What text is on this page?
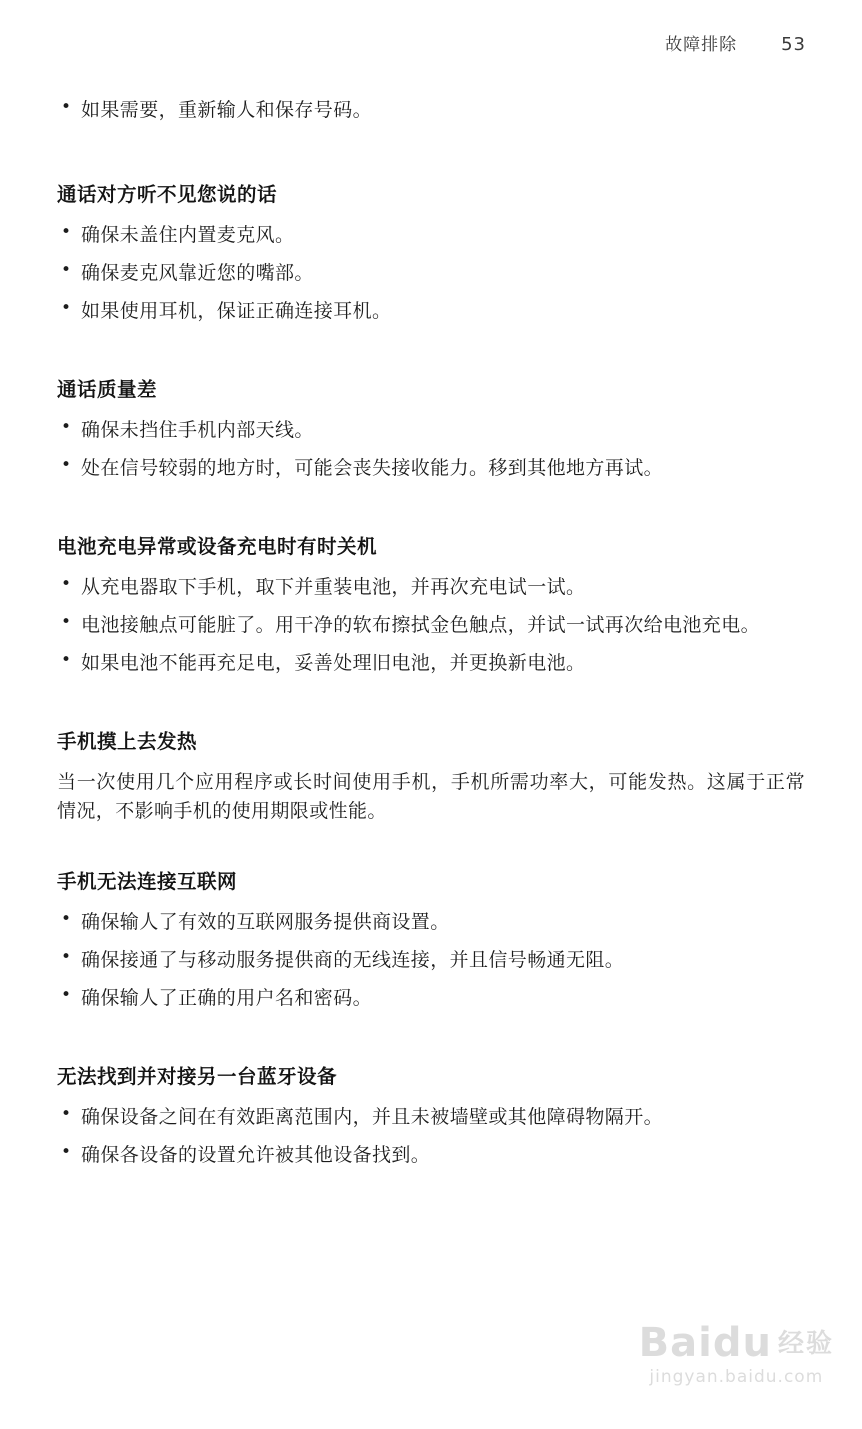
故障排除 53
• 如果需要，重新输人和保存号码。
通话对方听不见您说的话
• 确保未盖住内置麦克风。
• 确保麦克风靠近您的嘴部。
• 如果使用耳机，保证正确连接耳机。
通话质量差
• 确保未挡住手机内部天线。
• 处在信号较弱的地方时，可能会丧失接收能力。移到其他地方再试。
电池充电异常或设备充电时有时关机
• 从充电器取下手机，取下并重装电池，并再次充电试一试。
• 电池接触点可能脏了。用干净的软布擦拭金色触点，并试一试再次给电池充电。
• 如果电池不能再充足电，妥善处理旧电池，并更换新电池。
手机摸上去发热

当一次使用几个应用程序或长时间使用手机，手机所需功率大，可能发热。这属于正常情况，不影响手机的使用期限或性能。

手机无法连接互联网
• 确保输人了有效的互联网服务提供商设置。
• 确保接通了与移动服务提供商的无线连接，并且信号畅通无阻。
• 确保输人了正确的用户名和密码。
无法找到并对接另一台蓝牙设备
• 确保设备之间在有效距离范围内，并且未被墙壁或其他障碍物隔开。
• 确保各设备的设置允许被其他设备找到。
Baidu 经验
jingyan.baidu.com
